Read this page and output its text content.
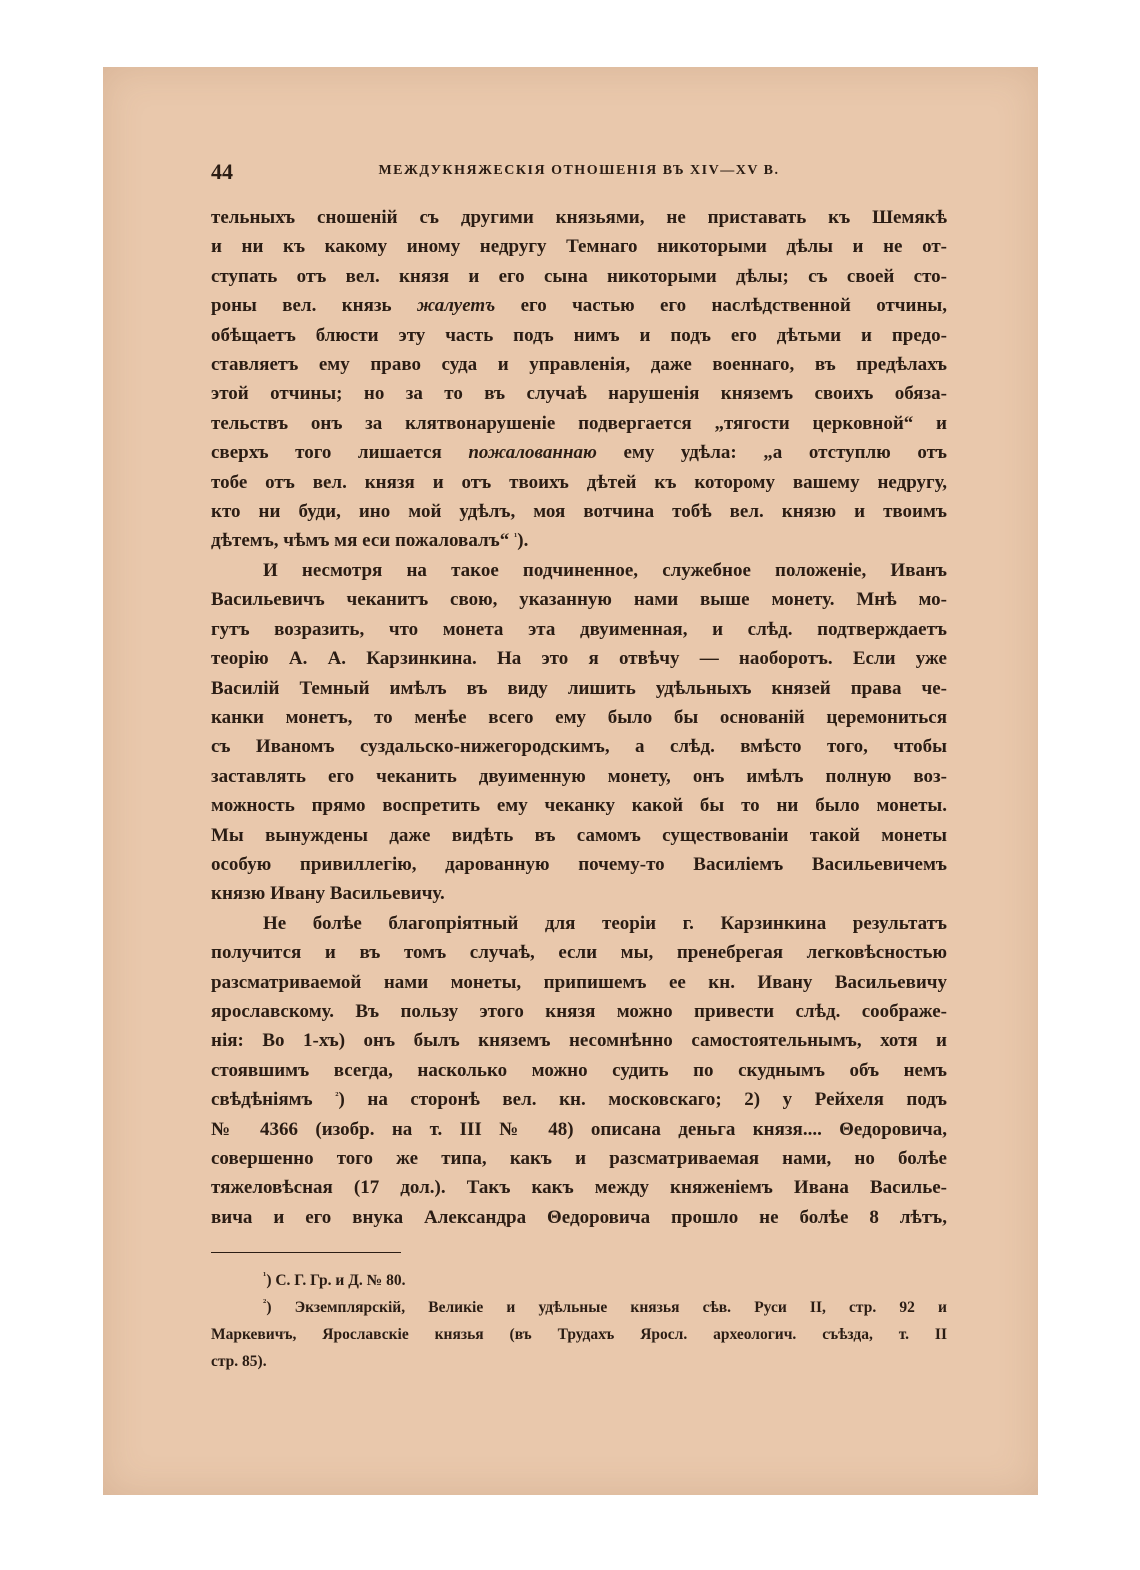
44	МЕЖДУКНЯЖЕСКІЯ ОТНОШЕНІЯ ВЪ XIV—XV В.
тельныхъ сношеній съ другими князьями, не приставать къ Шемякѣ
и ни къ какому иному недругу Темнаго никоторыми дѣлы и не от-
ступать отъ вел. князя и его сына никоторыми дѣлы; съ своей сто-
роны вел. князь жалуетъ его частью его наслѣдственной отчины,
обѣщаетъ блюсти эту часть подъ нимъ и подъ его дѣтьми и предо-
ставляетъ ему право суда и управленія, даже военнаго, въ предѣлахъ
этой отчины; но за то въ случаѣ нарушенія княземъ своихъ обяза-
тельствъ онъ за клятвонарушеніе подвергается „тягости церковной“ и
сверхъ того лишается пожалованнаю ему удѣла: „а отступлю отъ
тобе отъ вел. князя и отъ твоихъ дѣтей къ которому вашему недругу,
кто ни буди, ино мой удѣлъ, моя вотчина тобѣ вел. князю и твоимъ
дѣтемъ, чѣмъ мя еси пожаловалъ“ $^{^1}$).
И несмотря на такое подчиненное, служебное положеніе, Иванъ
Васильевичъ чеканитъ свою, указанную нами выше монету. Мнѣ мо-
гутъ возразить, что монета эта двуименная, и слѣд. подтверждаетъ
теорію А. А. Карзинкина. На это я отвѣчу — наоборотъ. Если уже
Василій Темный имѣлъ въ виду лишить удѣльныхъ князей права че-
канки монетъ, то менѣе всего ему было бы основаній церемониться
съ Иваномъ суздальско-нижегородскимъ, а слѣд. вмѣсто того, чтобы
заставлять его чеканить двуименную монету, онъ имѣлъ полную воз-
можность прямо воспретить ему чеканку какой бы то ни было монеты.
Мы вынуждены даже видѣть въ самомъ существованіи такой монеты
особую привиллегію, дарованную почему-то Василіемъ Васильевичемъ
князю Ивану Васильевичу.
Не болѣе благопріятный для теоріи г. Карзинкина результатъ
получится и въ томъ случаѣ, если мы, пренебрегая легковѣсностью
разсматриваемой нами монеты, припишемъ ее кн. Ивану Васильевичу
ярославскому. Въ пользу этого князя можно привести слѣд. соображе-
нія: Во 1-хъ) онъ былъ княземъ несомнѣнно самостоятельнымъ, хотя и
стоявшимъ всегда, насколько можно судить по скуднымъ объ немъ
свѣдѣніямъ $^{^2}$) на сторонѣ вел. кн. московскаго; 2) у Рейхеля подъ
№ 4366 (изобр. на т. III № 48) описана деньга князя.... Θедоровича,
совершенно того же типа, какъ и разсматриваемая нами, но болѣе
тяжеловѣсная (17 дол.). Такъ какъ между княженіемъ Ивана Василье-
вича и его внука Александра Θедоровича прошло не болѣе 8 лѣтъ,
$^{^1}$) С. Г. Гр. и Д. № 80.
$^{^2}$) Экземплярскій, Великіе и удѣльные князья сѣв. Руси II, стр. 92 и
Маркевичъ, Ярославскіе князья (въ Трудахъ Яросл. археологич. съѣзда, т. II
стр. 85).
